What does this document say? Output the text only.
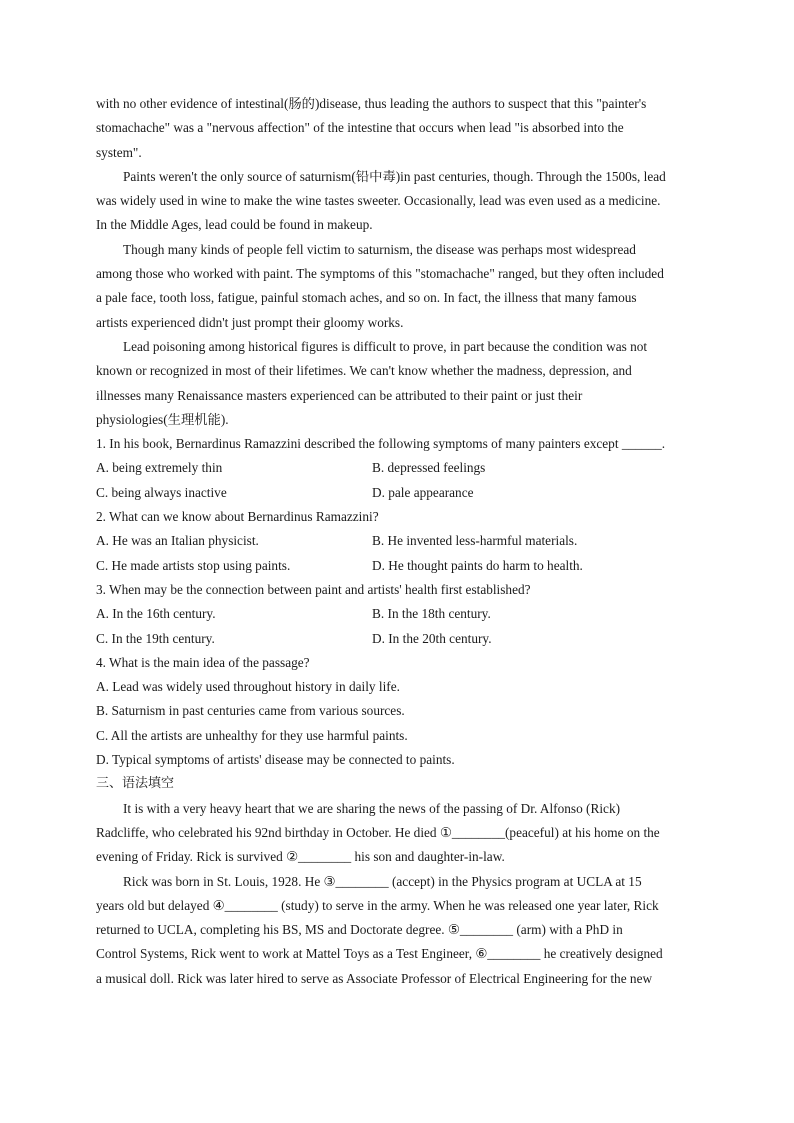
with no other evidence of intestinal(肠的)disease, thus leading the authors to suspect that this "painter's
stomachache" was a "nervous affection" of the intestine that occurs when lead "is absorbed into the
system".
Paints weren't the only source of saturnism(铅中毒)in past centuries, though. Through the 1500s, lead
was widely used in wine to make the wine tastes sweeter. Occasionally, lead was even used as a medicine.
In the Middle Ages, lead could be found in makeup.
Though many kinds of people fell victim to saturnism, the disease was perhaps most widespread
among those who worked with paint. The symptoms of this "stomachache" ranged, but they often included
a pale face, tooth loss, fatigue, painful stomach aches, and so on. In fact, the illness that many famous
artists experienced didn't just prompt their gloomy works.
Lead poisoning among historical figures is difficult to prove, in part because the condition was not
known or recognized in most of their lifetimes. We can't know whether the madness, depression, and
illnesses many Renaissance masters experienced can be attributed to their paint or just their
physiologies(生理机能).
1. In his book, Bernardinus Ramazzini described the following symptoms of many painters except ______.
A. being extremely thin	B. depressed feelings
C. being always inactive	D. pale appearance
2. What can we know about Bernardinus Ramazzini?
A. He was an Italian physicist.	B. He invented less-harmful materials.
C. He made artists stop using paints.	D. He thought paints do harm to health.
3. When may be the connection between paint and artists' health first established?
A. In the 16th century.	B. In the 18th century.
C. In the 19th century.	D. In the 20th century.
4. What is the main idea of the passage?
A. Lead was widely used throughout history in daily life.
B. Saturnism in past centuries came from various sources.
C. All the artists are unhealthy for they use harmful paints.
D. Typical symptoms of artists' disease may be connected to paints.
三、语法填空
It is with a very heavy heart that we are sharing the news of the passing of Dr. Alfonso (Rick)
Radcliffe, who celebrated his 92nd birthday in October. He died ①________(peaceful) at his home on the
evening of Friday. Rick is survived ②________ his son and daughter-in-law.
Rick was born in St. Louis, 1928. He ③________ (accept) in the Physics program at UCLA at 15
years old but delayed ④________ (study) to serve in the army. When he was released one year later, Rick
returned to UCLA, completing his BS, MS and Doctorate degree. ⑤________ (arm) with a PhD in
Control Systems, Rick went to work at Mattel Toys as a Test Engineer, ⑥________ he creatively designed
a musical doll. Rick was later hired to serve as Associate Professor of Electrical Engineering for the new
